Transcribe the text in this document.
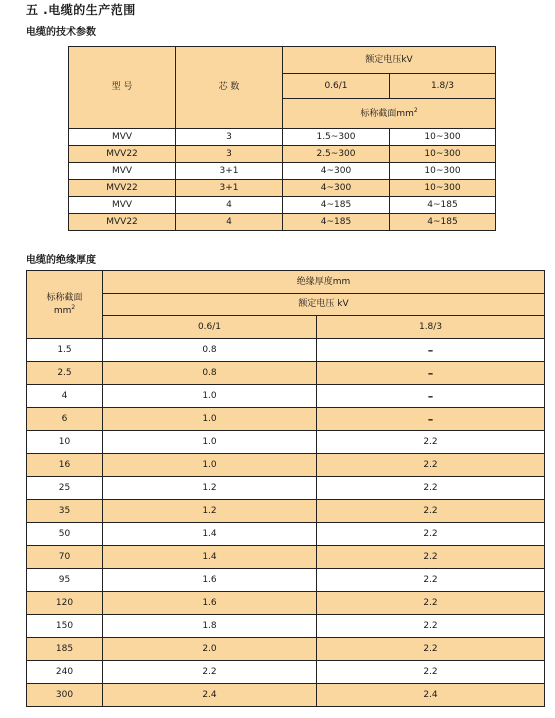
五 .电缆的生产范围
电缆的技术参数
型 号	芯 数	额定电压kV	
		0.6/1	1.8/3
		标称截面$mm^2$
MVV	3	1.5~300	10~300
MVV22	3	2.5~300	10~300
MVV	3+1	4~300	10~300
MVV22	3+1	4~300	10~300
MVV	4	4~185	4~185
MVV22	4	4~185	4~185
电缆的绝缘厚度
标称截面
$mm^2$	绝缘厚度mm	
	额定电压 kV	
	0.6/1	1.8/3
1.5	0.8	–
2.5	0.8	–
4	1.0	–
6	1.0	–
10	1.0	2.2
16	1.0	2.2
25	1.2	2.2
35	1.2	2.2
50	1.4	2.2
70	1.4	2.2
95	1.6	2.2
120	1.6	2.2
150	1.8	2.2
185	2.0	2.2
240	2.2	2.2
300	2.4	2.4
